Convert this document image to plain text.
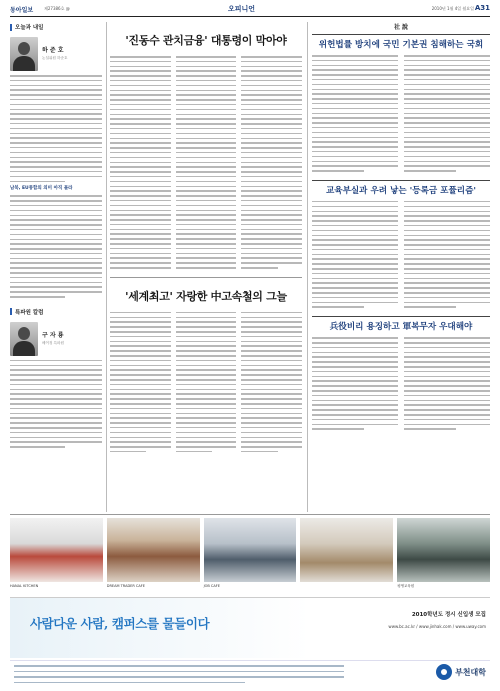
동아일보	제27386호 @	오피니언	2010년 1월 4일 월요일 A31
오늘과 내일
하 준 호
논설위원 하준호
남북, EU통합의 의미 아직 몰라
특파원 칼럼
구 자 룡
베이징 특파원
'진동수 관치금융' 대통령이 막아야
'세계최고' 자랑한 中고속철의 그늘
社 說
위헌법률 방치에 국민 기본권 침해하는 국회
교육부실과 우려 낳는 '등록금 포퓰리즘'
兵役비리 용징하고 軍복무자 우대해야
HANAL KITCHEN	DREAM TRADER CAFE	JOB CAFE	평생교육원
사람다운 사람, 캠퍼스를 물들이다
2010학년도 정시 신입생 모집
www.bc.ac.kr / www.jinhak.com / www.uway.com
부천대학
